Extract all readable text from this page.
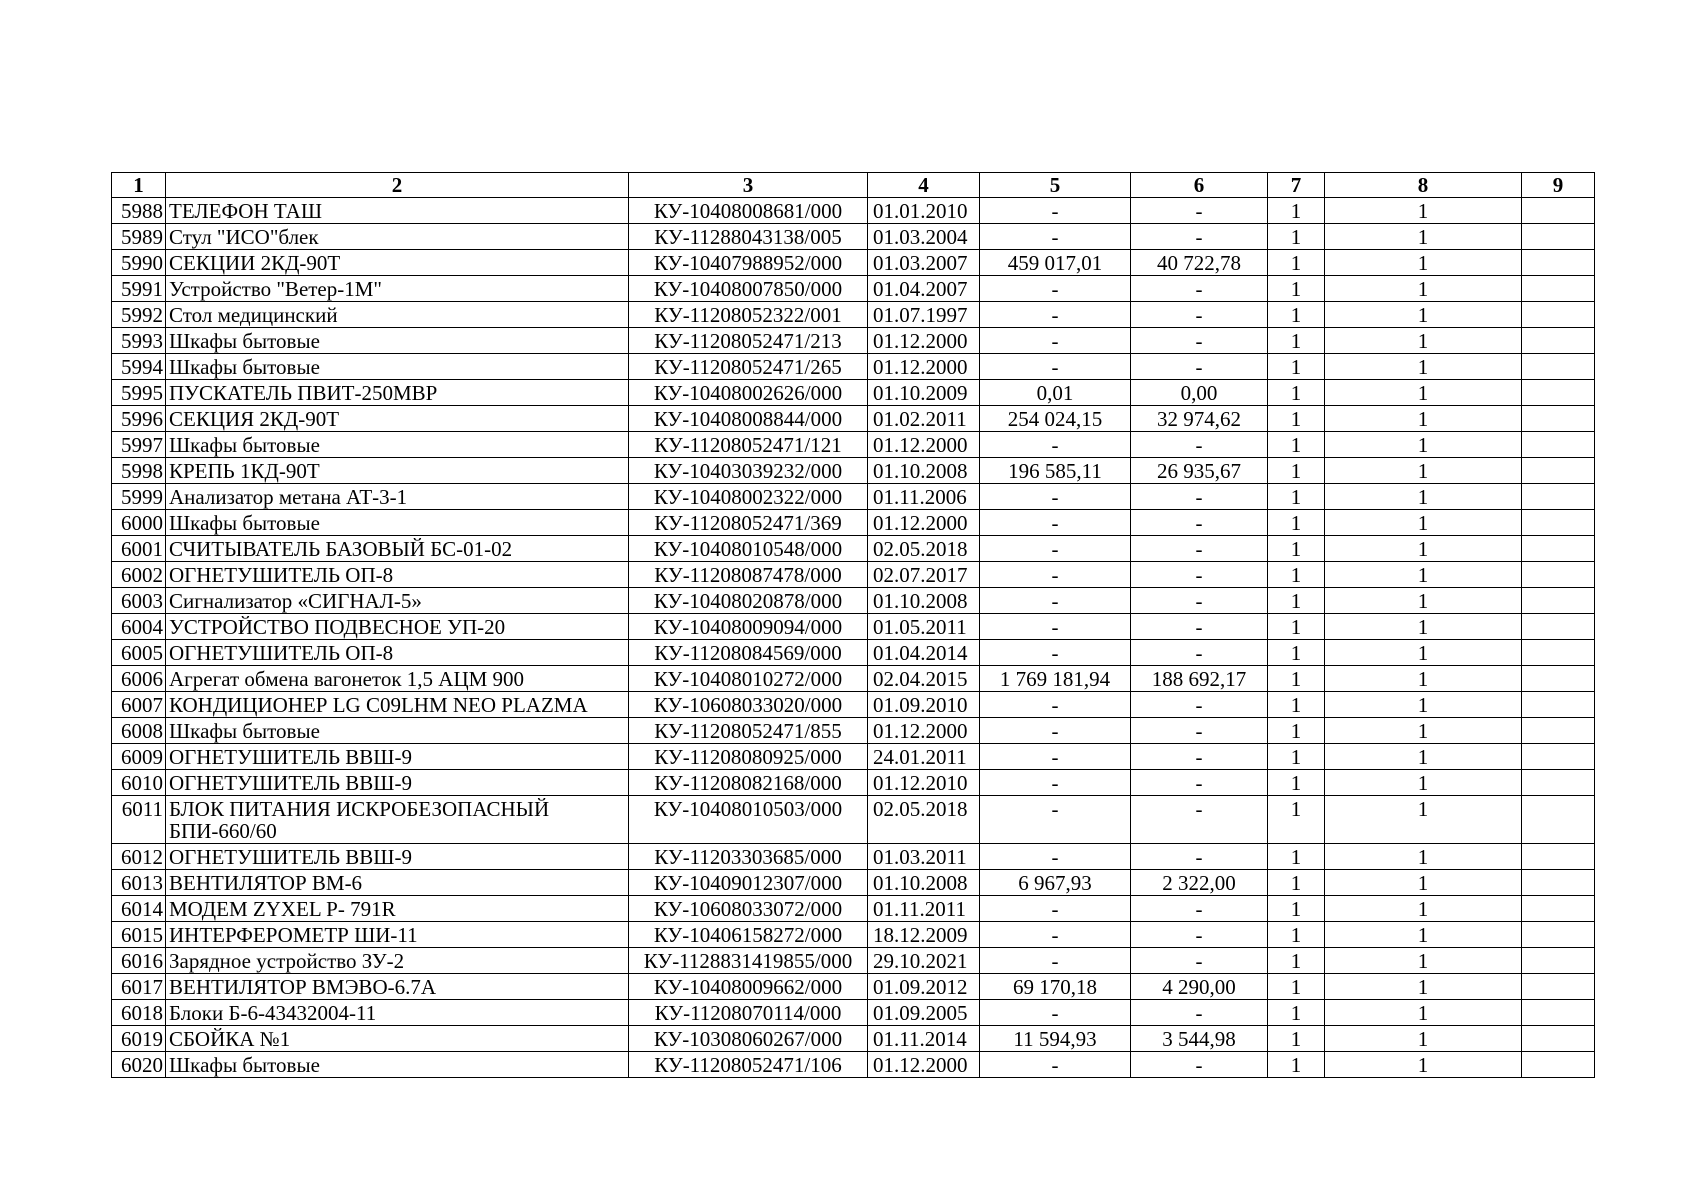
1	2	3	4	5	6	7	8	9
5988	ТЕЛЕФОН ТАШ	КУ-10408008681/000	01.01.2010	-	-	1	1	
5989	Стул "ИСО"блек	КУ-11288043138/005	01.03.2004	-	-	1	1	
5990	СЕКЦИИ 2КД-90Т	КУ-10407988952/000	01.03.2007	459 017,01	40 722,78	1	1	
5991	Устройство "Ветер-1М"	КУ-10408007850/000	01.04.2007	-	-	1	1	
5992	Стол медицинский	КУ-11208052322/001	01.07.1997	-	-	1	1	
5993	Шкафы бытовые	КУ-11208052471/213	01.12.2000	-	-	1	1	
5994	Шкафы бытовые	КУ-11208052471/265	01.12.2000	-	-	1	1	
5995	ПУСКАТЕЛЬ ПВИТ-250МВР	КУ-10408002626/000	01.10.2009	0,01	0,00	1	1	
5996	СЕКЦИЯ 2КД-90Т	КУ-10408008844/000	01.02.2011	254 024,15	32 974,62	1	1	
5997	Шкафы бытовые	КУ-11208052471/121	01.12.2000	-	-	1	1	
5998	КРЕПЬ 1КД-90Т	КУ-10403039232/000	01.10.2008	196 585,11	26 935,67	1	1	
5999	Анализатор метана АТ-3-1	КУ-10408002322/000	01.11.2006	-	-	1	1	
6000	Шкафы бытовые	КУ-11208052471/369	01.12.2000	-	-	1	1	
6001	СЧИТЫВАТЕЛЬ БАЗОВЫЙ БС-01-02	КУ-10408010548/000	02.05.2018	-	-	1	1	
6002	ОГНЕТУШИТЕЛЬ ОП-8	КУ-11208087478/000	02.07.2017	-	-	1	1	
6003	Сигнализатор «СИГНАЛ-5»	КУ-10408020878/000	01.10.2008	-	-	1	1	
6004	УСТРОЙСТВО ПОДВЕСНОЕ УП-20	КУ-10408009094/000	01.05.2011	-	-	1	1	
6005	ОГНЕТУШИТЕЛЬ ОП-8	КУ-11208084569/000	01.04.2014	-	-	1	1	
6006	Агрегат обмена вагонеток 1,5 АЦМ 900	КУ-10408010272/000	02.04.2015	1 769 181,94	188 692,17	1	1	
6007	КОНДИЦИОНЕР LG C09LHM NEO PLAZMA	КУ-10608033020/000	01.09.2010	-	-	1	1	
6008	Шкафы бытовые	КУ-11208052471/855	01.12.2000	-	-	1	1	
6009	ОГНЕТУШИТЕЛЬ ВВШ-9	КУ-11208080925/000	24.01.2011	-	-	1	1	
6010	ОГНЕТУШИТЕЛЬ ВВШ-9	КУ-11208082168/000	01.12.2010	-	-	1	1	
6011	БЛОК ПИТАНИЯ ИСКРОБЕЗОПАСНЫЙ БПИ-660/60	КУ-10408010503/000	02.05.2018	-	-	1	1	
6012	ОГНЕТУШИТЕЛЬ ВВШ-9	КУ-11203303685/000	01.03.2011	-	-	1	1	
6013	ВЕНТИЛЯТОР ВМ-6	КУ-10409012307/000	01.10.2008	6 967,93	2 322,00	1	1	
6014	МОДЕМ ZYXEL P- 791R	КУ-10608033072/000	01.11.2011	-	-	1	1	
6015	ИНТЕРФЕРОМЕТР ШИ-11	КУ-10406158272/000	18.12.2009	-	-	1	1	
6016	Зарядное устройство ЗУ-2	КУ-1128831419855/000	29.10.2021	-	-	1	1	
6017	ВЕНТИЛЯТОР ВМЭВО-6.7А	КУ-10408009662/000	01.09.2012	69 170,18	4 290,00	1	1	
6018	Блоки Б-6-43432004-11	КУ-11208070114/000	01.09.2005	-	-	1	1	
6019	СБОЙКА №1	КУ-10308060267/000	01.11.2014	11 594,93	3 544,98	1	1	
6020	Шкафы бытовые	КУ-11208052471/106	01.12.2000	-	-	1	1	
